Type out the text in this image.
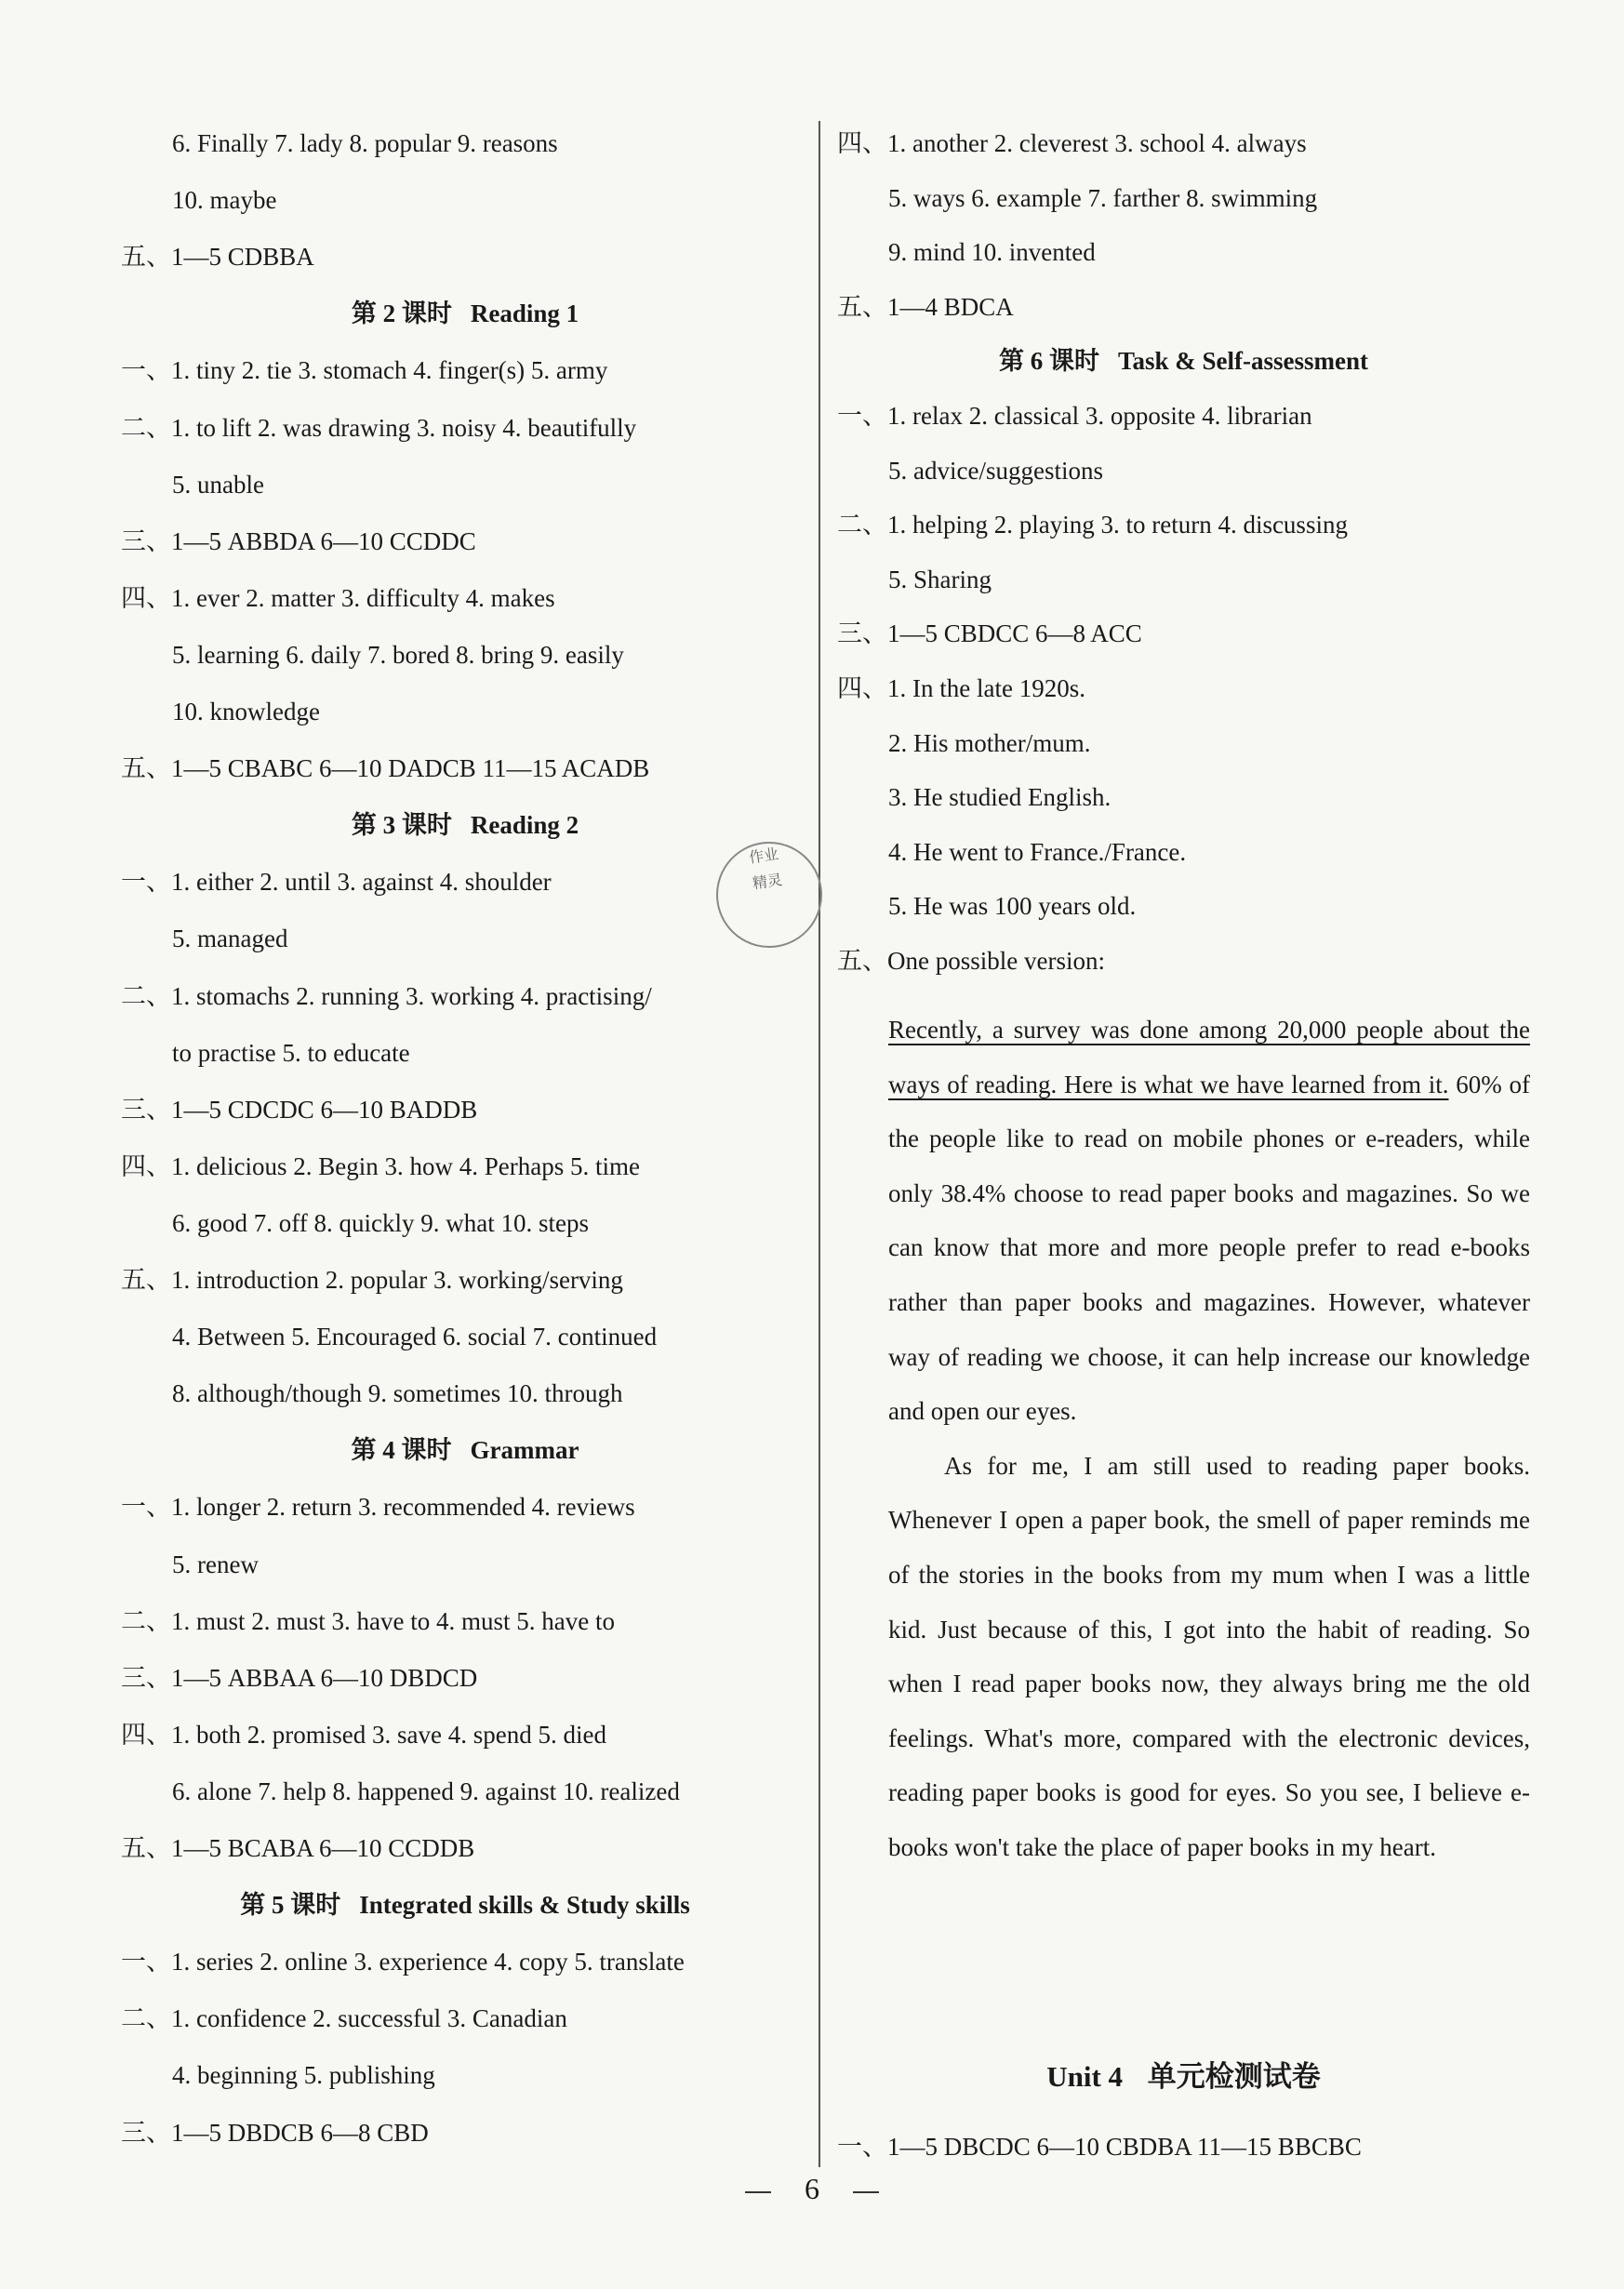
6. Finally 7. lady 8. popular 9. reasons
10. maybe
五、1—5 CDBBA
第 2 课时 Reading 1
一、1. tiny 2. tie 3. stomach 4. finger(s) 5. army
二、1. to lift 2. was drawing 3. noisy 4. beautifully
5. unable
三、1—5 ABBDA 6—10 CCDDC
四、1. ever 2. matter 3. difficulty 4. makes
5. learning 6. daily 7. bored 8. bring 9. easily
10. knowledge
五、1—5 CBABC 6—10 DADCB 11—15 ACADB
第 3 课时 Reading 2
一、1. either 2. until 3. against 4. shoulder
5. managed
二、1. stomachs 2. running 3. working 4. practising/
to practise 5. to educate
三、1—5 CDCDC 6—10 BADDB
四、1. delicious 2. Begin 3. how 4. Perhaps 5. time
6. good 7. off 8. quickly 9. what 10. steps
五、1. introduction 2. popular 3. working/serving
4. Between 5. Encouraged 6. social 7. continued
8. although/though 9. sometimes 10. through
第 4 课时 Grammar
一、1. longer 2. return 3. recommended 4. reviews
5. renew
二、1. must 2. must 3. have to 4. must 5. have to
三、1—5 ABBAA 6—10 DBDCD
四、1. both 2. promised 3. save 4. spend 5. died
6. alone 7. help 8. happened 9. against 10. realized
五、1—5 BCABA 6—10 CCDDB
第 5 课时 Integrated skills & Study skills
一、1. series 2. online 3. experience 4. copy 5. translate
二、1. confidence 2. successful 3. Canadian
4. beginning 5. publishing
三、1—5 DBDCB 6—8 CBD
四、1. another 2. cleverest 3. school 4. always
5. ways 6. example 7. farther 8. swimming
9. mind 10. invented
五、1—4 BDCA
第 6 课时 Task & Self-assessment
一、1. relax 2. classical 3. opposite 4. librarian
5. advice/suggestions
二、1. helping 2. playing 3. to return 4. discussing
5. Sharing
三、1—5 CBDCC 6—8 ACC
四、1. In the late 1920s.
2. His mother/mum.
3. He studied English.
4. He went to France./France.
5. He was 100 years old.
五、One possible version:

Recently, a survey was done among 20,000 people about the ways of reading. Here is what we have learned from it. 60% of the people like to read on mobile phones or e-readers, while only 38.4% choose to read paper books and magazines. So we can know that more and more people prefer to read e-books rather than paper books and magazines. However, whatever way of reading we choose, it can help increase our knowledge and open our eyes.

As for me, I am still used to reading paper books. Whenever I open a paper book, the smell of paper reminds me of the stories in the books from my mum when I was a little kid. Just because of this, I got into the habit of reading. So when I read paper books now, they always bring me the old feelings. What's more, compared with the electronic devices, reading paper books is good for eyes. So you see, I believe e-books won't take the place of paper books in my heart.

Unit 4 单元检测试卷
一、1—5 DBCDC 6—10 CBDBA 11—15 BBCBC
作业
精灵
6
